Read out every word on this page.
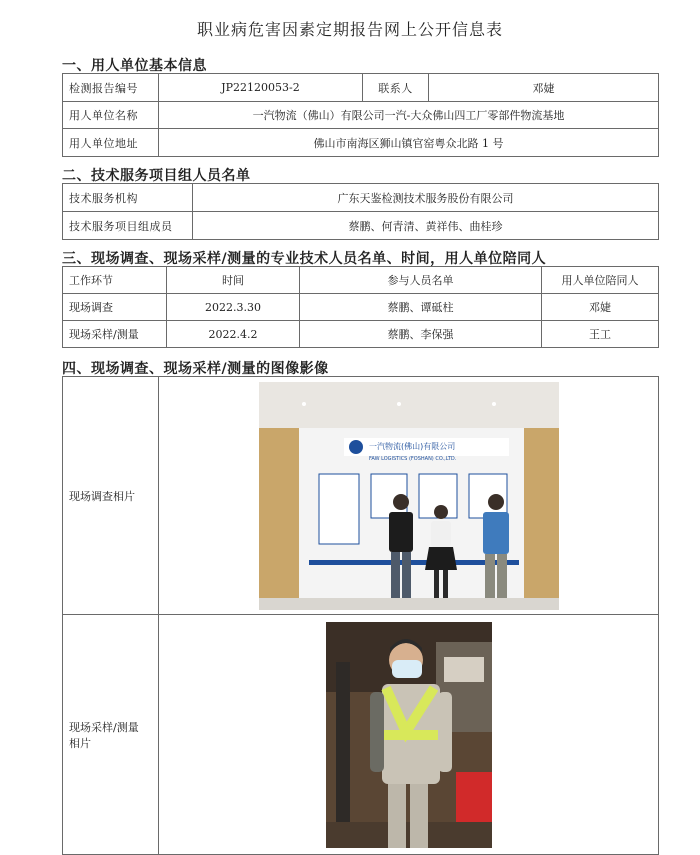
职业病危害因素定期报告网上公开信息表
一、用人单位基本信息
检测报告编号	JP22120053-2	联系人	邓婕
用人单位名称	一汽物流（佛山）有限公司一汽-大众佛山四工厂零部件物流基地		
用人单位地址	佛山市南海区狮山镇官窑粤众北路 1 号		
二、技术服务项目组人员名单
技术服务机构	广东天鉴检测技术服务股份有限公司
技术服务项目组成员	蔡鹏、何青清、黄祥伟、曲桂珍
三、现场调查、现场采样/测量的专业技术人员名单、时间，用人单位陪同人
工作环节	时间	参与人员名单	用人单位陪同人
现场调查	2022.3.30	蔡鹏、谭砥柱	邓婕
现场采样/测量	2022.4.2	蔡鹏、李保强	王工
四、现场调查、现场采样/测量的图像影像
现场调查相片	一汽物流(佛山)有限公司
FAW LOGISTICS (FOSHAN) CO.,LTD.

现场采样/测量
相片	
